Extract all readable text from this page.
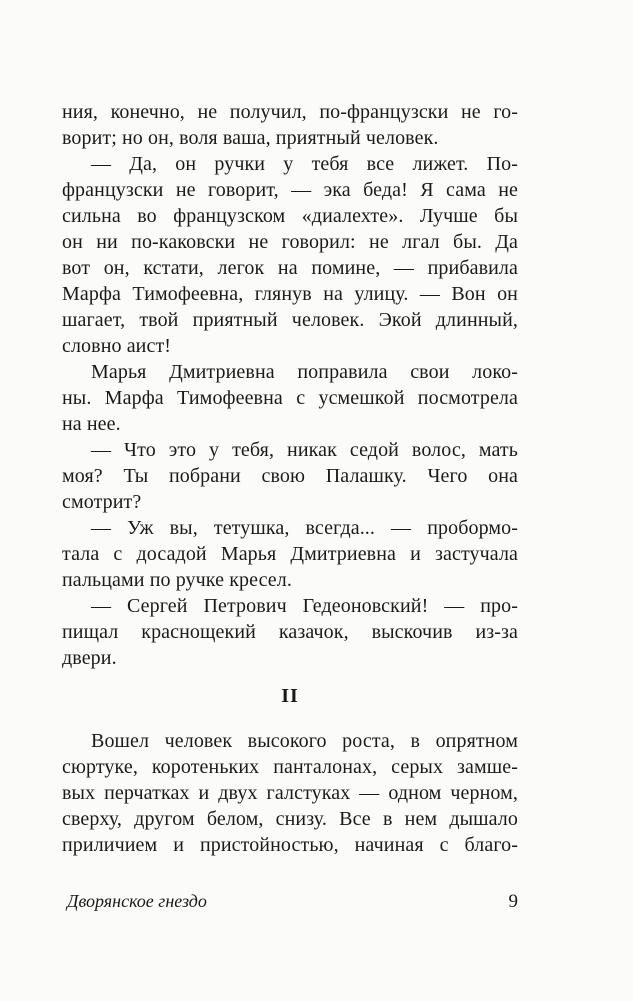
ния, конечно, не получил, по-французски не го-
ворит; но он, воля ваша, приятный человек.
— Да, он ручки у тебя все лижет. По-
французски не говорит, — эка беда! Я сама не
сильна во французском «диалехте». Лучше бы
он ни по-каковски не говорил: не лгал бы. Да
вот он, кстати, легок на помине, — прибавила
Марфа Тимофеевна, глянув на улицу. — Вон он
шагает, твой приятный человек. Экой длинный,
словно аист!
Марья Дмитриевна поправила свои локо-
ны. Марфа Тимофеевна с усмешкой посмотрела
на нее.
— Что это у тебя, никак седой волос, мать
моя? Ты побрани свою Палашку. Чего она
смотрит?
— Уж вы, тетушка, всегда... — пробормо-
тала с досадой Марья Дмитриевна и застучала
пальцами по ручке кресел.
— Сергей Петрович Гедеоновский! — про-
пищал краснощекий казачок, выскочив из-за
двери.
II
Вошел человек высокого роста, в опрятном
сюртуке, коротеньких панталонах, серых замше-
вых перчатках и двух галстуках — одном черном,
сверху, другом белом, снизу. Все в нем дышало
приличием и пристойностью, начиная с благо-
Дворянское гнездо	9
